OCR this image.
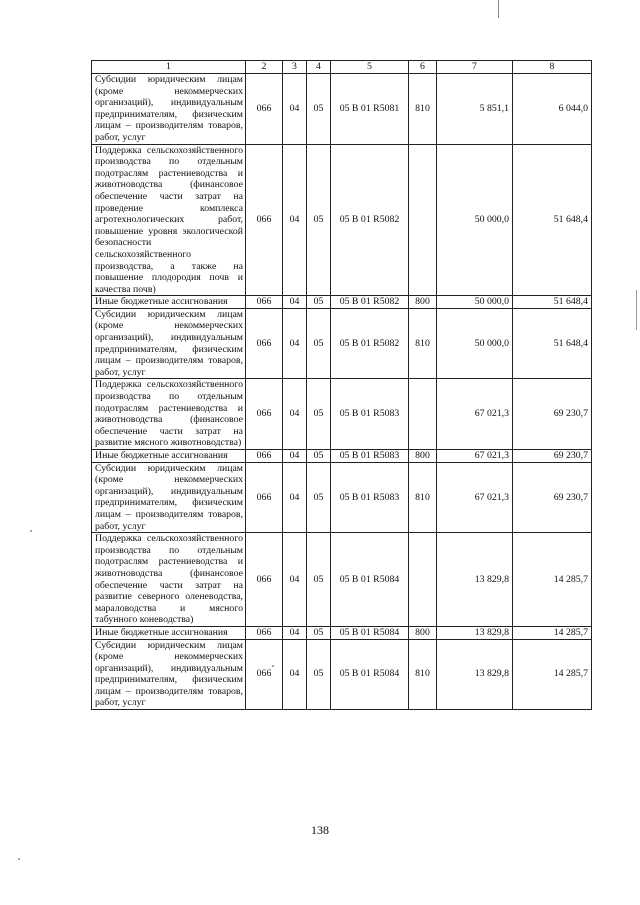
1	2	3	4	5	6	7	8
Субсидии юридическим лицам (кроме некоммерческих организаций), индивидуальным предпринимателям, физическим лицам – производителям товаров, работ, услуг	066	04	05	05 В 01 R5081	810	5 851,1	6 044,0
Поддержка сельскохозяйственного производства по отдельным подотраслям растениеводства и животноводства (финансовое обеспечение части затрат на проведение комплекса агротехнологических работ, повышение уровня экологической безопасности сельскохозяйственного производства, а также на повышение плодородия почв и качества почв)	066	04	05	05 В 01 R5082		50 000,0	51 648,4
Иные бюджетные ассигнования	066	04	05	05 В 01 R5082	800	50 000,0	51 648,4
Субсидии юридическим лицам (кроме некоммерческих организаций), индивидуальным предпринимателям, физическим лицам – производителям товаров, работ, услуг	066	04	05	05 В 01 R5082	810	50 000,0	51 648,4
Поддержка сельскохозяйственного производства по отдельным подотраслям растениеводства и животноводства (финансовое обеспечение части затрат на развитие мясного животноводства)	066	04	05	05 В 01 R5083		67 021,3	69 230,7
Иные бюджетные ассигнования	066	04	05	05 В 01 R5083	800	67 021,3	69 230,7
Субсидии юридическим лицам (кроме некоммерческих организаций), индивидуальным предпринимателям, физическим лицам – производителям товаров, работ, услуг	066	04	05	05 В 01 R5083	810	67 021,3	69 230,7
Поддержка сельскохозяйственного производства по отдельным подотраслям растениеводства и животноводства (финансовое обеспечение части затрат на развитие северного оленеводства, мараловодства и мясного табунного коневодства)	066	04	05	05 В 01 R5084		13 829,8	14 285,7
Иные бюджетные ассигнования	066	04	05	05 В 01 R5084	800	13 829,8	14 285,7
Субсидии юридическим лицам (кроме некоммерческих организаций), индивидуальным предпринимателям, физическим лицам – производителям товаров, работ, услуг	066	04	05	05 В 01 R5084	810	13 829,8	14 285,7
138
